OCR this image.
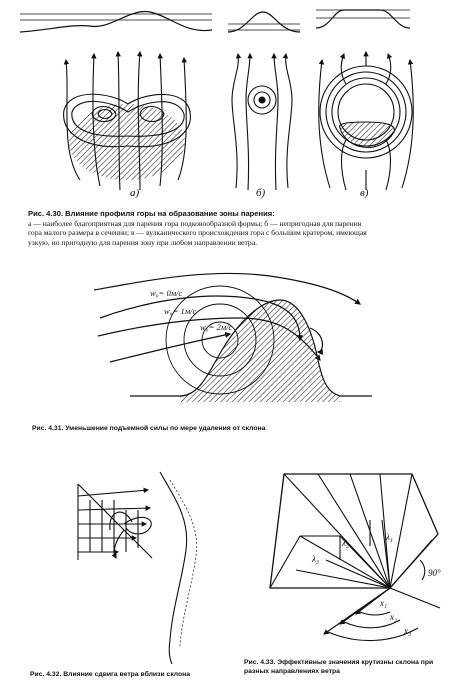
а)	б)	в)
w₀= 0м/с
w₀= 1м/с
w₀= 2м/с
λ₁
λ₂
λ₃
90°
x₁
x₂
x₃
Рис. 4.30. Влияние профиля горы на образование зоны парения:
а — наиболее благоприятная для парения гора подковообразной формы; б — непригодная для парения
гора малого размера в сечении; в — вулканического происхождения гора с большим кратером, имеющая
узкую, но пригодную для парения зону при любом направлении ветра.
Рис. 4.31. Уменьшение подъемной силы по мере удаления от склона
Рис. 4.32. Влияние сдвига ветра вблизи склона
Рис. 4.33. Эффективные значения крутизны склона при
разных направлениях ветра
